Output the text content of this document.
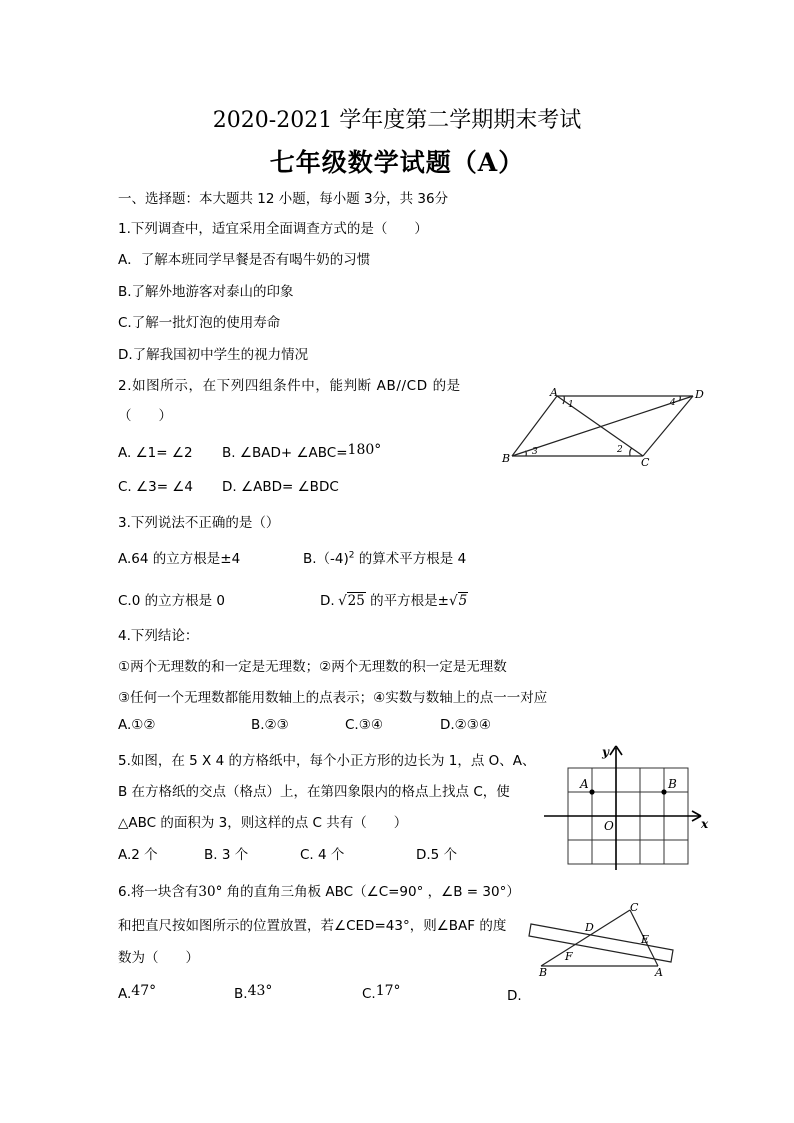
2020-2021 学年度第二学期期末考试
七年级数学试题（A）
一、选择题：本大题共 12 小题，每小题 3分，共 36分
1.下列调查中，适宜采用全面调查方式的是（　　）
A．了解本班同学早餐是否有喝牛奶的习惯
B.了解外地游客对泰山的印象
C.了解一批灯泡的使用寿命
D.了解我国初中学生的视力情况
2.如图所示，在下列四组条件中，能判断 AB//CD 的是
（　　）
A. ∠1= ∠2 B. ∠BAD+ ∠ABC=180°
C. ∠3= ∠4 D. ∠ABD= ∠BDC
A	D
B	C
1	4
3	2
3.下列说法不正确的是（）
A.64 的立方根是±4	B.（-4)$^2$ 的算术平方根是 4
C.0 的立方根是 0	D.  √25 的平方根是±√5
4.下列结论：
①两个无理数的和一定是无理数；②两个无理数的积一定是无理数
③任何一个无理数都能用数轴上的点表示；④实数与数轴上的点一一对应
A.①②	B.②③	C.③④	D.②③④
5.如图，在 5 X 4 的方格纸中，每个小正方形的边长为 1，点 O、A、
B 在方格纸的交点（格点）上，在第四象限内的格点上找点 C，使
△ABC 的面积为 3，则这样的点 C 共有（　　）
A.2 个	B. 3 个	C. 4 个	D.5 个
y
x
A	B
O
6.将一块含有30° 角的直角三角板 ABC（∠C=90° ，∠B = 30°）
和把直尺按如图所示的位置放置，若∠CED=43°，则∠BAF 的度
数为（　　）
A.47°	B.43°	C.17°	D.
B
F
D
C
E
A
